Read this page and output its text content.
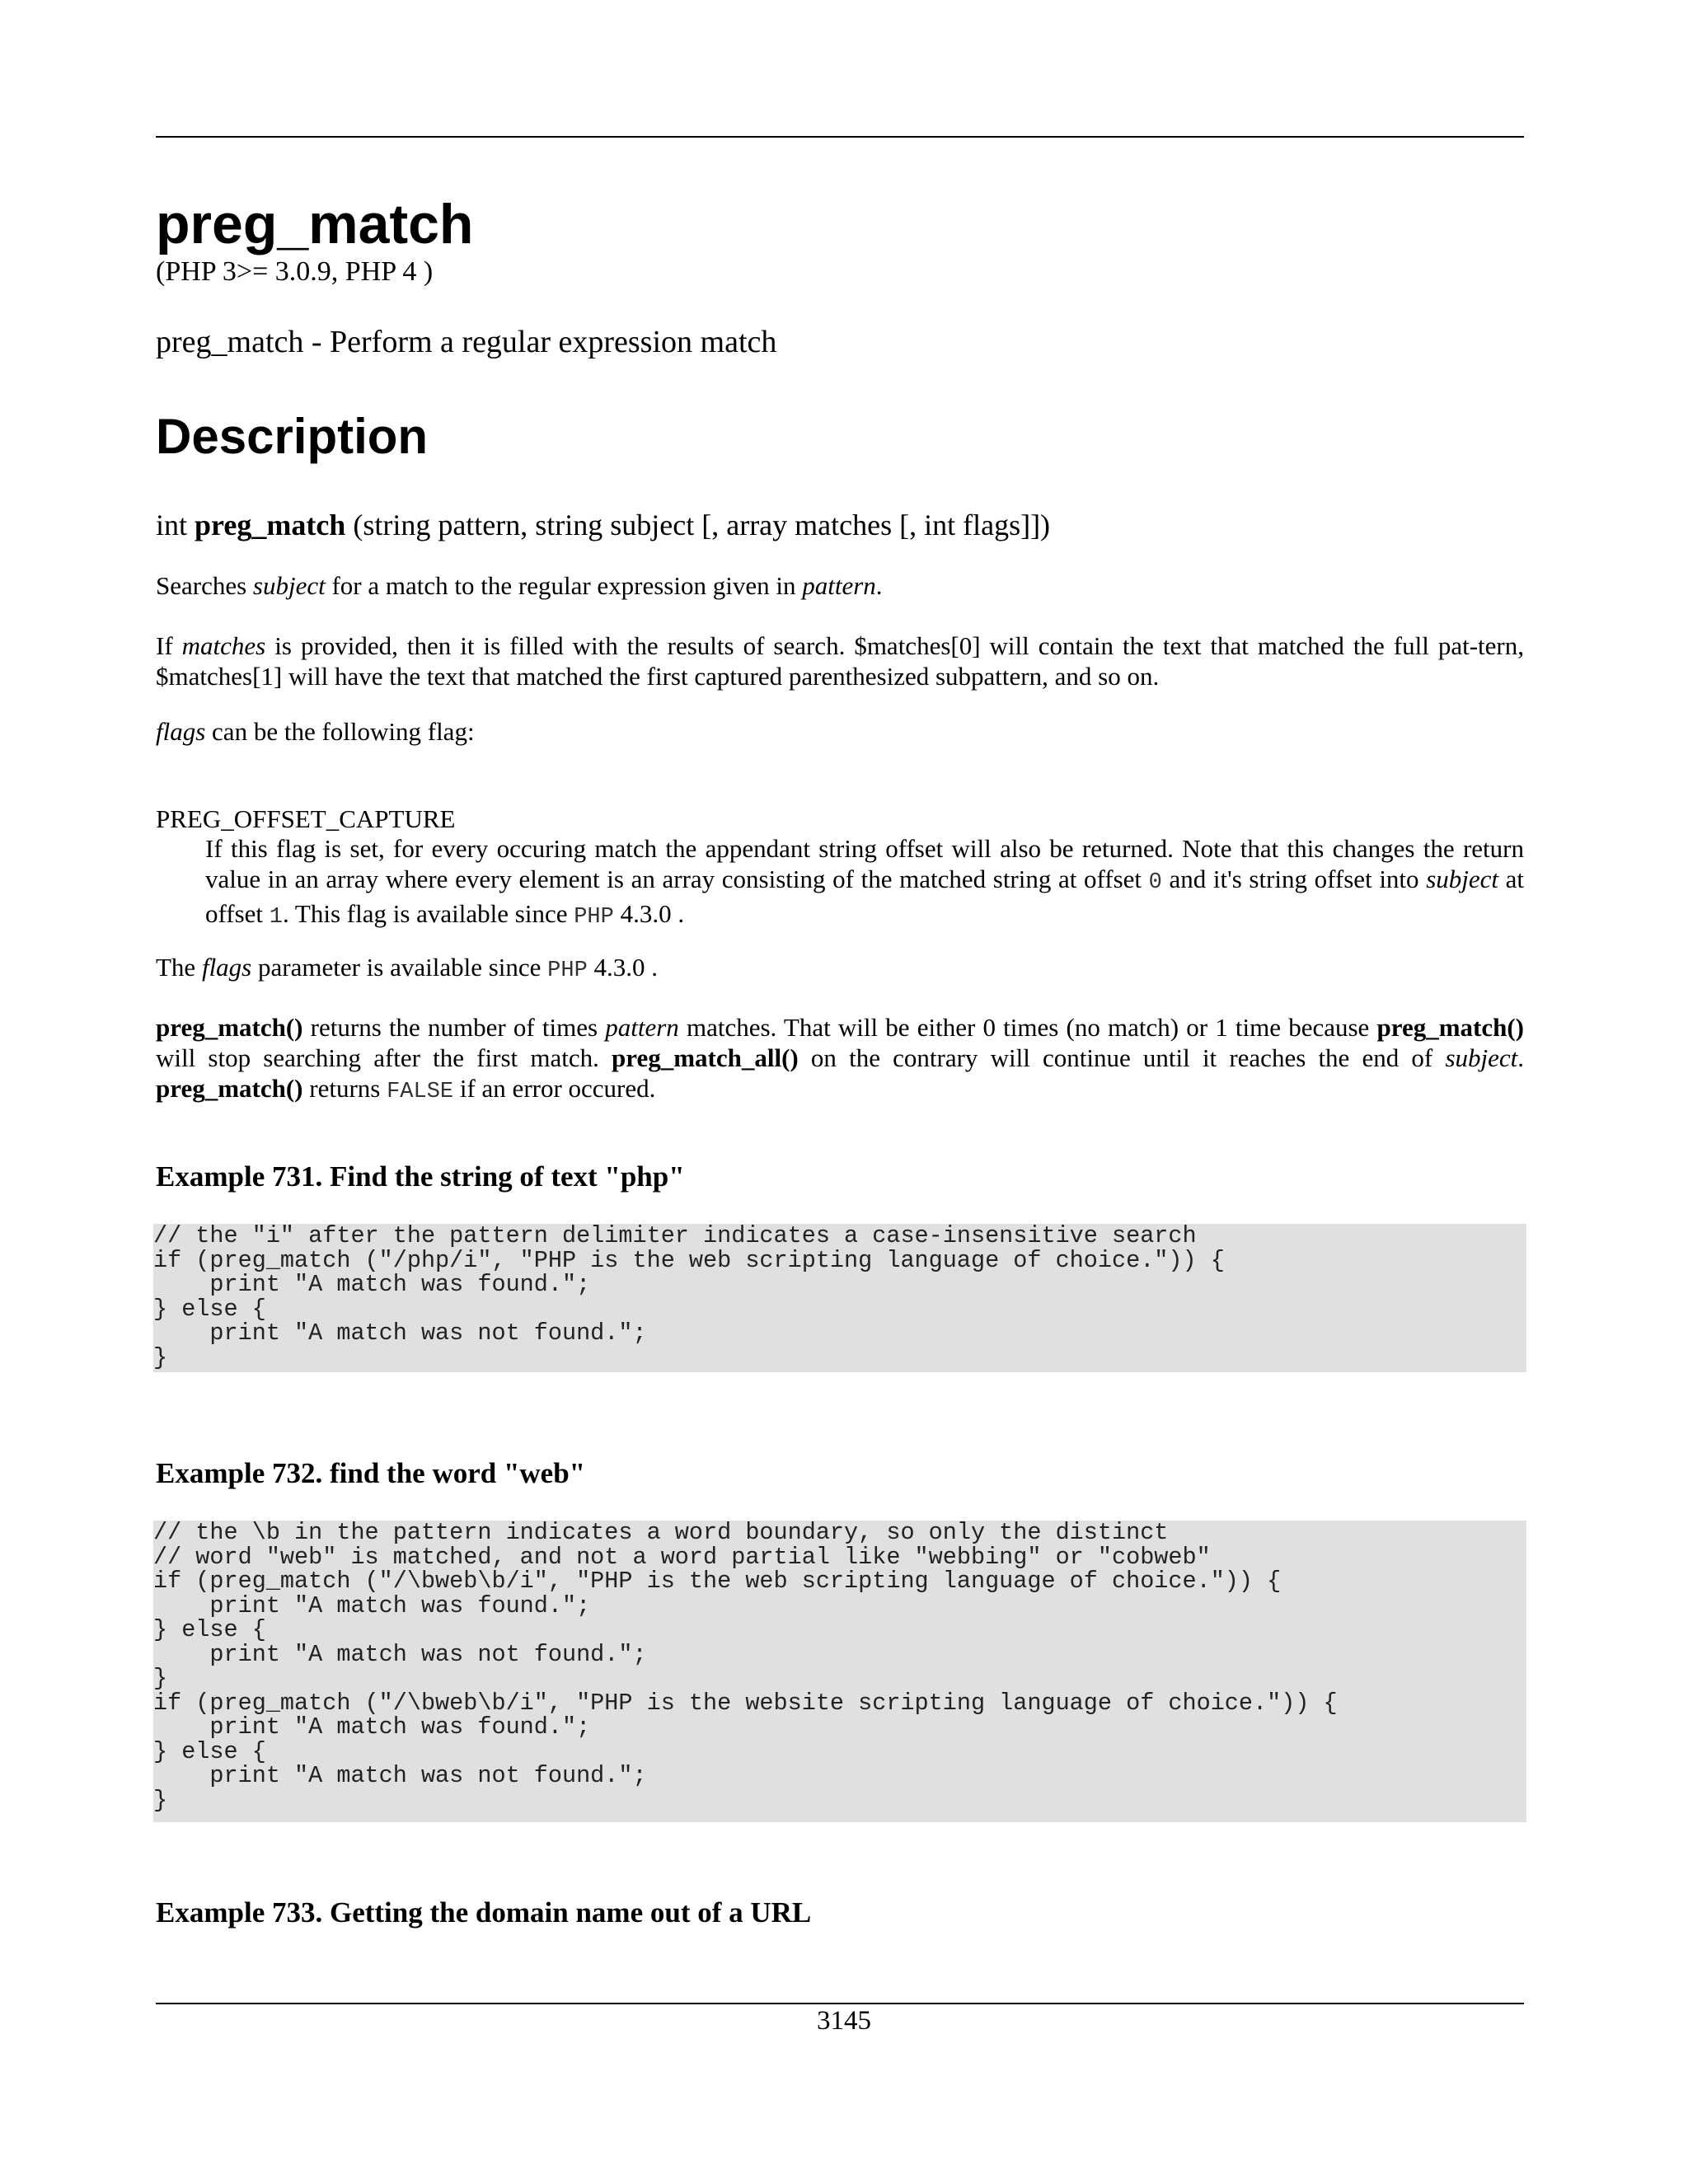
preg_match
(PHP 3>= 3.0.9, PHP 4 )
preg_match - Perform a regular expression match
Description
int preg_match (string pattern, string subject [, array matches [, int flags]])

Searches subject for a match to the regular expression given in pattern.

If matches is provided, then it is filled with the results of search. $matches[0] will contain the text that matched the full pat-tern, $matches[1] will have the text that matched the first captured parenthesized subpattern, and so on.

flags can be the following flag:

PREG_OFFSET_CAPTURE

If this flag is set, for every occuring match the appendant string offset will also be returned. Note that this changes the return value in an array where every element is an array consisting of the matched string at offset 0 and it's string offset into subject at offset 1. This flag is available since PHP 4.3.0 .

The flags parameter is available since PHP 4.3.0 .

preg_match() returns the number of times pattern matches. That will be either 0 times (no match) or 1 time because preg_match() will stop searching after the first match. preg_match_all() on the contrary will continue until it reaches the end of subject. preg_match() returns FALSE if an error occured.

Example 731. Find the string of text "php"
// the "i" after the pattern delimiter indicates a case-insensitive search
if (preg_match ("/php/i", "PHP is the web scripting language of choice.")) {
print "A match was found.";
} else {
print "A match was not found.";
}
Example 732. find the word "web"
// the \b in the pattern indicates a word boundary, so only the distinct
// word "web" is matched, and not a word partial like "webbing" or "cobweb"
if (preg_match ("/\bweb\b/i", "PHP is the web scripting language of choice.")) {
print "A match was found.";
} else {
print "A match was not found.";
}
if (preg_match ("/\bweb\b/i", "PHP is the website scripting language of choice.")) {
print "A match was found.";
} else {
print "A match was not found.";
}
Example 733. Getting the domain name out of a URL
3145
